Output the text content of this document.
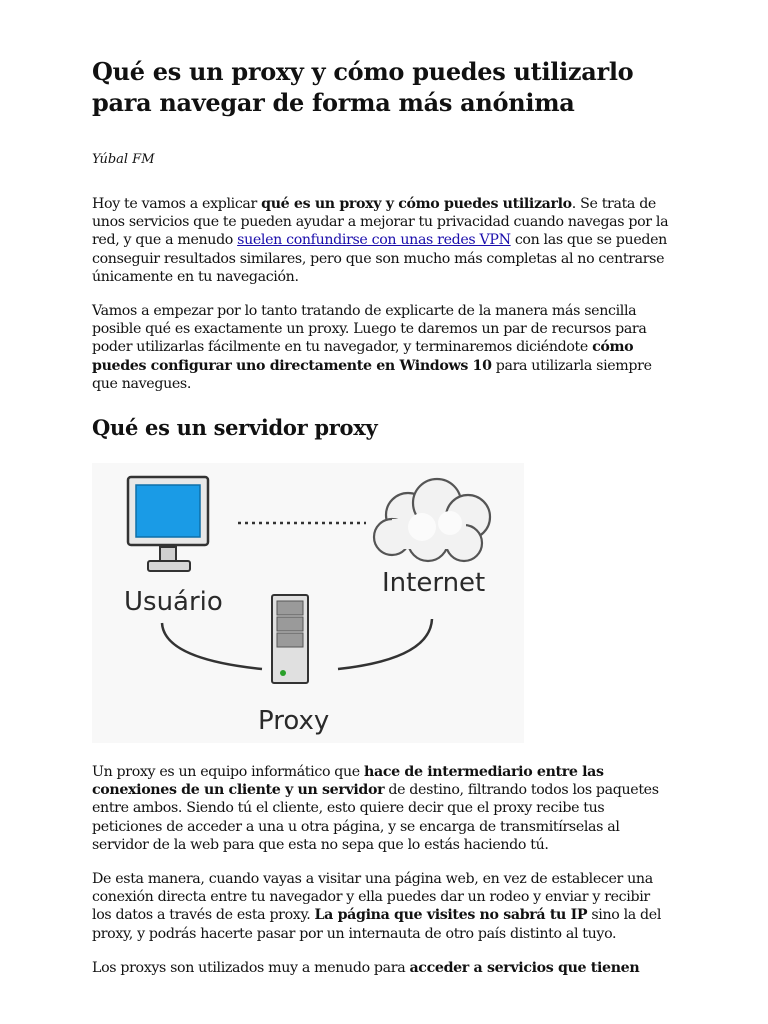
Qué es un proxy y cómo puedes utilizarlo para navegar de forma más anónima
Yúbal FM

Hoy te vamos a explicar qué es un proxy y cómo puedes utilizarlo. Se trata de unos servicios que te pueden ayudar a mejorar tu privacidad cuando navegas por la red, y que a menudo suelen confundirse con unas redes VPN con las que se pueden conseguir resultados similares, pero que son mucho más completas al no centrarse únicamente en tu navegación.

Vamos a empezar por lo tanto tratando de explicarte de la manera más sencilla posible qué es exactamente un proxy. Luego te daremos un par de recursos para poder utilizarlas fácilmente en tu navegador, y terminaremos diciéndote cómo puedes configurar uno directamente en Windows 10 para utilizarla siempre que navegues.

Qué es un servidor proxy
Usuário
Internet
Proxy

Un proxy es un equipo informático que hace de intermediario entre las conexiones de un cliente y un servidor de destino, filtrando todos los paquetes entre ambos. Siendo tú el cliente, esto quiere decir que el proxy recibe tus peticiones de acceder a una u otra página, y se encarga de transmitírselas al servidor de la web para que esta no sepa que lo estás haciendo tú.

De esta manera, cuando vayas a visitar una página web, en vez de establecer una conexión directa entre tu navegador y ella puedes dar un rodeo y enviar y recibir los datos a través de esta proxy. La página que visites no sabrá tu IP sino la del proxy, y podrás hacerte pasar por un internauta de otro país distinto al tuyo.

Los proxys son utilizados muy a menudo para acceder a servicios que tienen
